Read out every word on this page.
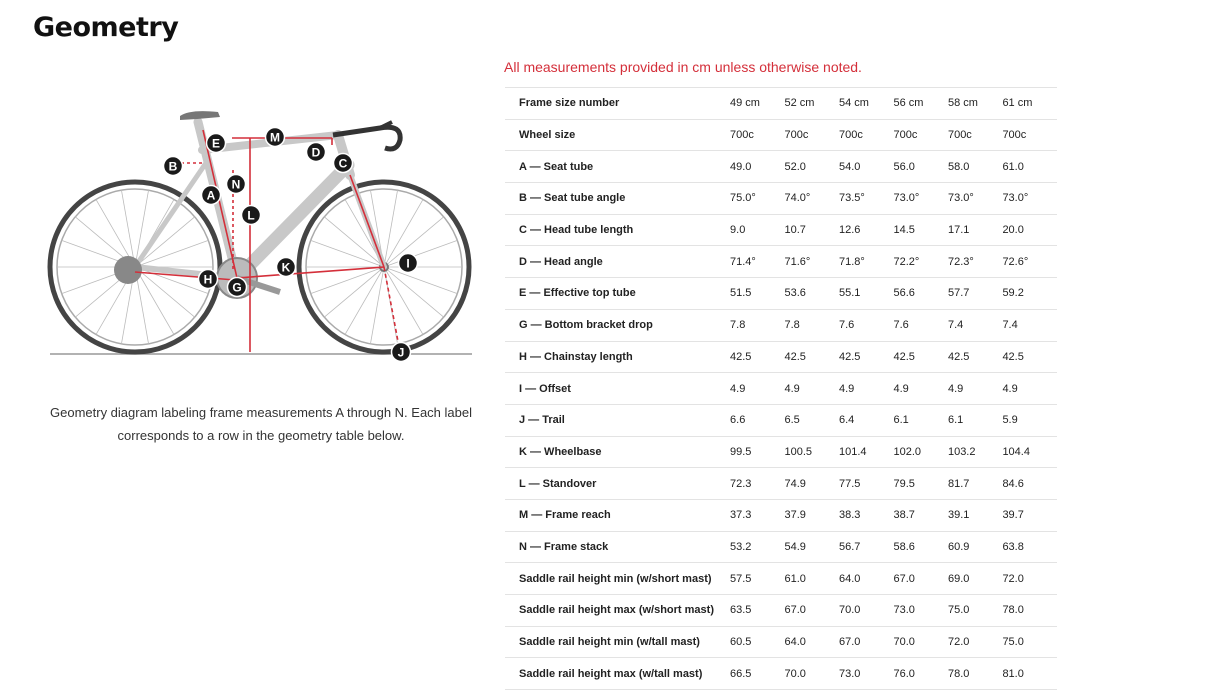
Geometry
A
B	C
D
E
G
H
I
J
K
L
M
N
Geometry diagram labeling frame measurements A through N. Each label corresponds to a row in the geometry table below.
All measurements provided in cm unless otherwise noted.
Frame size number	49 cm	52 cm	54 cm	56 cm	58 cm	61 cm
Wheel size	700c	700c	700c	700c	700c	700c
A — Seat tube	49.0	52.0	54.0	56.0	58.0	61.0
B — Seat tube angle	75.0°	74.0°	73.5°	73.0°	73.0°	73.0°
C — Head tube length	9.0	10.7	12.6	14.5	17.1	20.0
D — Head angle	71.4°	71.6°	71.8°	72.2°	72.3°	72.6°
E — Effective top tube	51.5	53.6	55.1	56.6	57.7	59.2
G — Bottom bracket drop	7.8	7.8	7.6	7.6	7.4	7.4
H — Chainstay length	42.5	42.5	42.5	42.5	42.5	42.5
I — Offset	4.9	4.9	4.9	4.9	4.9	4.9
J — Trail	6.6	6.5	6.4	6.1	6.1	5.9
K — Wheelbase	99.5	100.5	101.4	102.0	103.2	104.4
L — Standover	72.3	74.9	77.5	79.5	81.7	84.6
M — Frame reach	37.3	37.9	38.3	38.7	39.1	39.7
N — Frame stack	53.2	54.9	56.7	58.6	60.9	63.8
Saddle rail height min (w/short mast)	57.5	61.0	64.0	67.0	69.0	72.0
Saddle rail height max (w/short mast)	63.5	67.0	70.0	73.0	75.0	78.0
Saddle rail height min (w/tall mast)	60.5	64.0	67.0	70.0	72.0	75.0
Saddle rail height max (w/tall mast)	66.5	70.0	73.0	76.0	78.0	81.0
